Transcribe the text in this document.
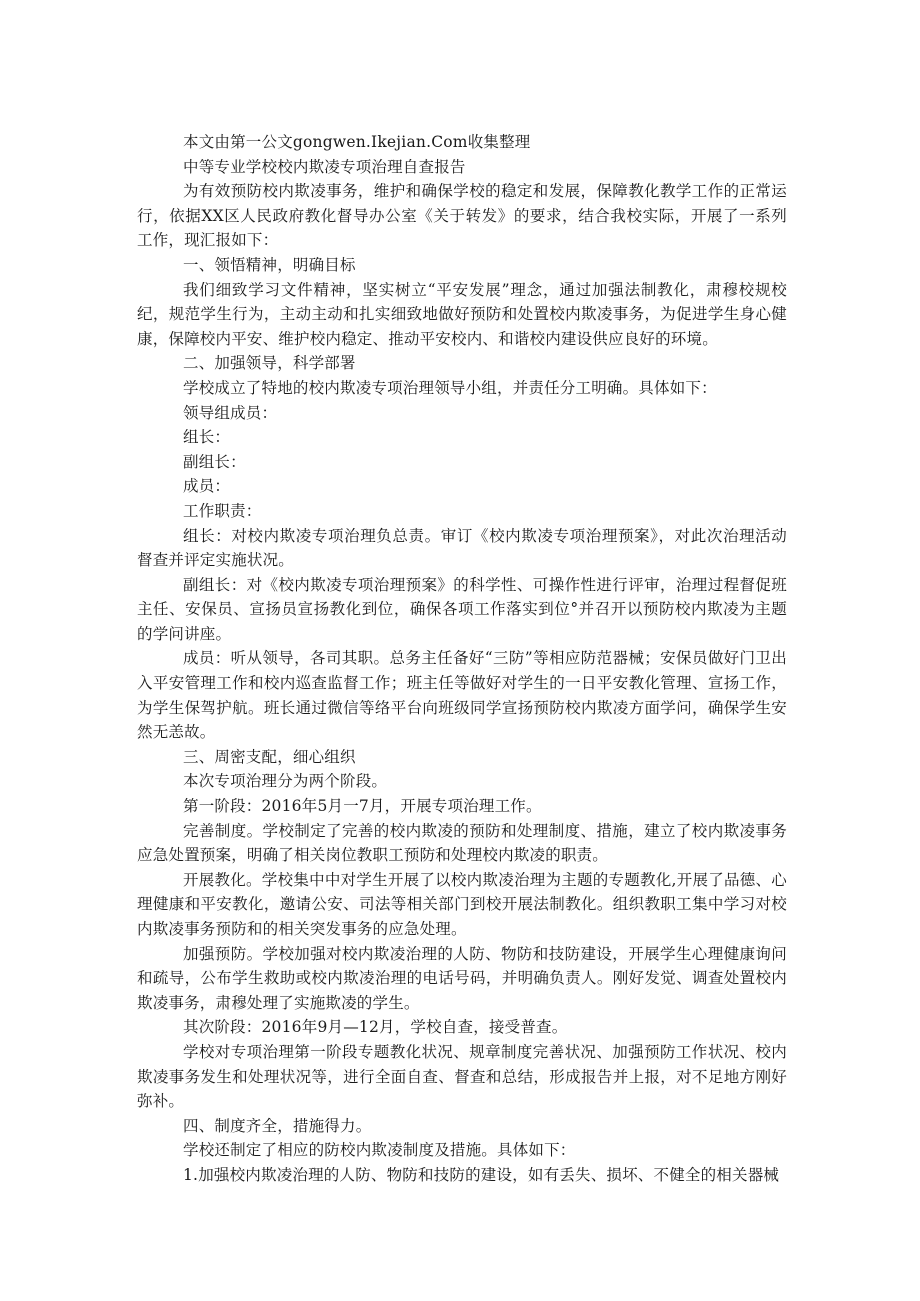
本文由第一公文gongwen.Ikejian.Com收集整理

中等专业学校校内欺凌专项治理自查报告

为有效预防校内欺凌事务，维护和确保学校的稳定和发展，保障教化教学工作的正常运行，依据XX区人民政府教化督导办公室《关于转发》的要求，结合我校实际，开展了一系列工作，现汇报如下：

一、领悟精神，明确目标

我们细致学习文件精神，坚实树立“平安发展”理念，通过加强法制教化，肃穆校规校纪，规范学生行为，主动主动和扎实细致地做好预防和处置校内欺凌事务，为促进学生身心健康，保障校内平安、维护校内稳定、推动平安校内、和谐校内建设供应良好的环境。

二、加强领导，科学部署

学校成立了特地的校内欺凌专项治理领导小组，并责任分工明确。具体如下：

领导组成员：

组长：

副组长：

成员：

工作职责：

组长：对校内欺凌专项治理负总责。审订《校内欺凌专项治理预案》，对此次治理活动督查并评定实施状况。

副组长：对《校内欺凌专项治理预案》的科学性、可操作性进行评审，治理过程督促班主任、安保员、宣扬员宣扬教化到位，确保各项工作落实到位°并召开以预防校内欺凌为主题的学问讲座。

成员：听从领导，各司其职。总务主任备好“三防”等相应防范器械；安保员做好门卫出入平安管理工作和校内巡查监督工作；班主任等做好对学生的一日平安教化管理、宣扬工作，为学生保驾护航。班长通过微信等络平台向班级同学宣扬预防校内欺凌方面学问，确保学生安然无恙故。

三、周密支配，细心组织

本次专项治理分为两个阶段。

第一阶段：2016年5月一7月，开展专项治理工作。

完善制度。学校制定了完善的校内欺凌的预防和处理制度、措施，建立了校内欺凌事务应急处置预案，明确了相关岗位教职工预防和处理校内欺凌的职责。

开展教化。学校集中中对学生开展了以校内欺凌治理为主题的专题教化,开展了品德、心理健康和平安教化，邀请公安、司法等相关部门到校开展法制教化。组织教职工集中学习对校内欺凌事务预防和的相关突发事务的应急处理。

加强预防。学校加强对校内欺凌治理的人防、物防和技防建设，开展学生心理健康询问和疏导，公布学生救助或校内欺凌治理的电话号码，并明确负责人。刚好发觉、调查处置校内欺凌事务，肃穆处理了实施欺凌的学生。

其次阶段：2016年9月—12月，学校自查，接受普查。

学校对专项治理第一阶段专题教化状况、规章制度完善状况、加强预防工作状况、校内欺凌事务发生和处理状况等，进行全面自查、督查和总结，形成报告并上报，对不足地方刚好弥补。

四、制度齐全，措施得力。

学校还制定了相应的防校内欺凌制度及措施。具体如下：

1.加强校内欺凌治理的人防、物防和技防的建设，如有丢失、损坏、不健全的相关器械
